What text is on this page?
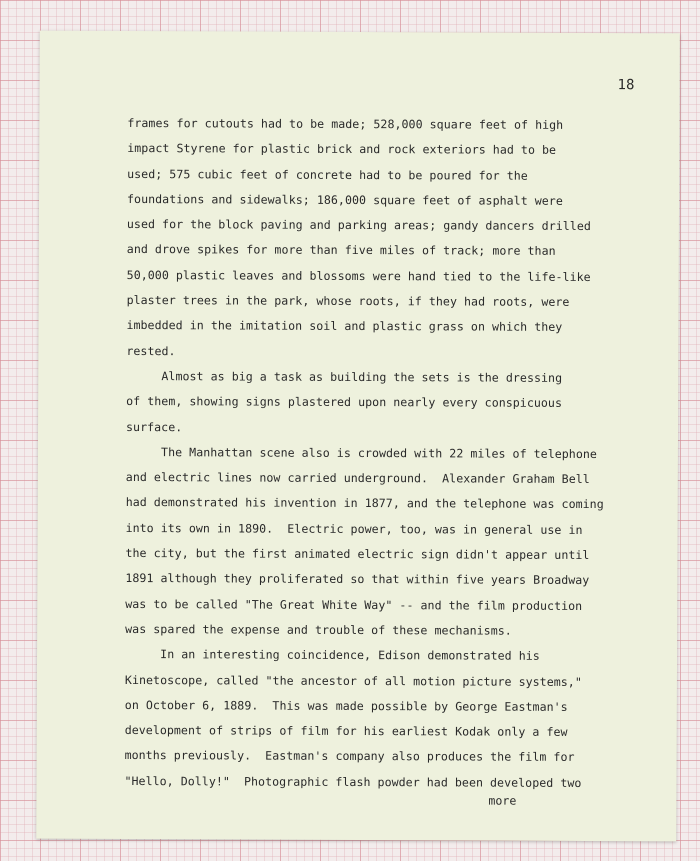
18
frames for cutouts had to be made; 528,000 square feet of high
impact Styrene for plastic brick and rock exteriors had to be
used; 575 cubic feet of concrete had to be poured for the
foundations and sidewalks; 186,000 square feet of asphalt were
used for the block paving and parking areas; gandy dancers drilled
and drove spikes for more than five miles of track; more than
50,000 plastic leaves and blossoms were hand tied to the life-like
plaster trees in the park, whose roots, if they had roots, were
imbedded in the imitation soil and plastic grass on which they
rested.
Almost as big a task as building the sets is the dressing
of them, showing signs plastered upon nearly every conspicuous
surface.
The Manhattan scene also is crowded with 22 miles of telephone
and electric lines now carried underground.  Alexander Graham Bell
had demonstrated his invention in 1877, and the telephone was coming
into its own in 1890.  Electric power, too, was in general use in
the city, but the first animated electric sign didn't appear until
1891 although they proliferated so that within five years Broadway
was to be called "The Great White Way" -- and the film production
was spared the expense and trouble of these mechanisms.
In an interesting coincidence, Edison demonstrated his
Kinetoscope, called "the ancestor of all motion picture systems,"
on October 6, 1889.  This was made possible by George Eastman's
development of strips of film for his earliest Kodak only a few
months previously.  Eastman's company also produces the film for
"Hello, Dolly!"  Photographic flash powder had been developed two
more
